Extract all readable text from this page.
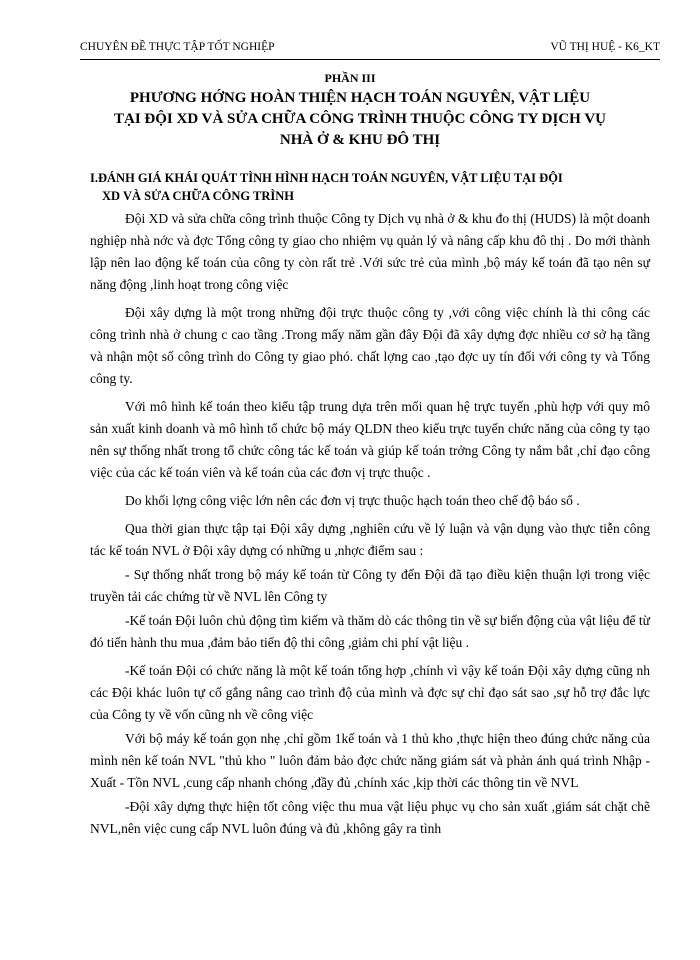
CHUYÊN ĐỀ THỰC TẬP TỐT NGHIỆP	VŨ THỊ HUỆ - K6_KT
PHẦN III
PHƯƠNG HỚNG HOÀN THIỆN HẠCH TOÁN NGUYÊN, VẬT LIỆU
TẠI ĐỘI XD VÀ SỬA CHỮA CÔNG TRÌNH THUỘC CÔNG TY DỊCH VỤ
NHÀ Ở & KHU ĐÔ THỊ
I.ĐÁNH GIÁ KHÁI QUÁT TÌNH HÌNH HẠCH TOÁN NGUYÊN, VẬT LIỆU TẠI ĐỘI
XD VÀ SỬA CHỮA CÔNG TRÌNH

Đội XD và sửa chữa công trình thuộc Công ty Dịch vụ nhà ở & khu đo thị (HUDS) là một doanh nghiệp nhà nớc và đợc Tổng công ty giao cho nhiệm vụ quản lý và nâng cấp khu đô thị . Do mới thành lập nên lao động kế toán của công ty còn rất trẻ .Với sức trẻ của mình ,bộ máy kế toán đã tạo nên sự năng động ,linh hoạt trong công việc

Đội xây dựng là một trong những đội trực thuộc công ty ,với công việc chính là thi công các công trình nhà ở chung c cao tầng .Trong mấy năm gần đây Đội đã xây dựng đợc nhiều cơ sở hạ tầng và nhận một số công trình do Công ty giao phó. chất lợng cao ,tạo đợc uy tín đối với công ty và Tổng công ty.

Với mô hình kế toán theo kiểu tập trung dựa trên mối quan hệ trực tuyến ,phù hợp với quy mô sản xuất kinh doanh và mô hình tổ chức bộ máy QLDN theo kiểu trực tuyến chức năng của công ty tạo nên sự thống nhất trong tổ chức công tác kế toán và giúp kế toán trởng Công ty nắm bắt ,chỉ đạo công việc của các kế toán viên và kế toán của các đơn vị trực thuộc .

Do khối lợng công việc lớn nên các đơn vị trực thuộc hạch toán theo chế độ báo sổ .

Qua thời gian thực tập tại Đội xây dựng ,nghiên cứu về lý luận và vận dụng vào thực tiễn công tác kế toán NVL ở Đội xây dựng có những u ,nhợc điểm sau :

- Sự thống nhất trong bộ máy kế toán từ Công ty đến Đội đã tạo điều kiện thuận lợi trong việc truyền tải các chứng từ về NVL lên Công ty

-Kế toán Đội luôn chủ động tìm kiếm và thăm dò các thông tin về sự biến động của vật liệu để từ đó tiến hành thu mua ,đảm bảo tiến độ thi công ,giảm chi phí vật liệu .

-Kế toán Đội có chức năng là một kế toán tổng hợp ,chính vì vậy kế toán Đội xây dựng cũng nh các Đội khác luôn tự cố gắng nâng cao trình độ của mình và đợc sự chỉ đạo sát sao ,sự hỗ trợ đắc lực của Công ty về vốn cũng nh về công việc

Với bộ máy kế toán gọn nhẹ ,chỉ gồm 1kế toán và 1 thủ kho ,thực hiện theo đúng chức năng của mình nên kế toán NVL "thủ kho " luôn đảm bảo đợc chức năng giám sát và phản ánh quá trình Nhập - Xuất - Tồn NVL ,cung cấp nhanh chóng ,đầy đủ ,chính xác ,kịp thời các thông tin về NVL

-Đội xây dựng thực hiện tốt công việc thu mua vật liệu phục vụ cho sản xuất ,giám sát chặt chẽ NVL,nên việc cung cấp NVL luôn đúng và đủ ,không gây ra tình
